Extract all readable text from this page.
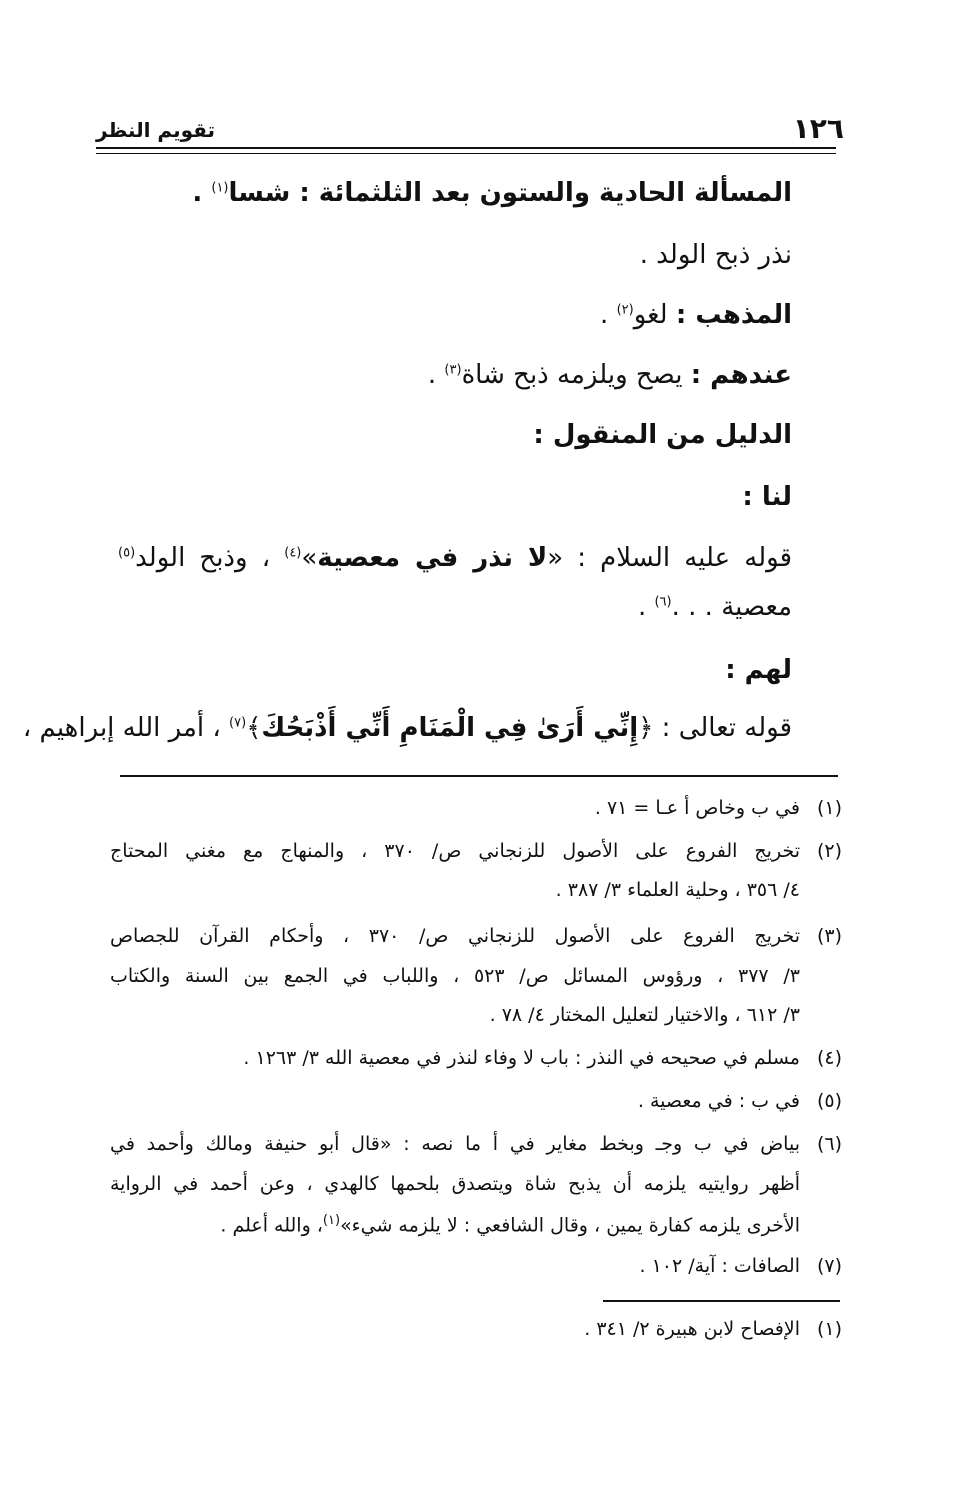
١٢٦
تقويم النظر
المسألة الحادية والستون بعد الثلثمائة : شسا$^{(١)}$ .
نذر ذبح الولد .
المذهب : لغو$^{(٢)}$ .
عندهم : يصح ويلزمه ذبح شاة$^{(٣)}$ .
الدليل من المنقول :
لنا :
قوله عليه السلام : «لا نذر في معصية»$^{(٤)}$ ، وذبح الولد$^{(٥)}$
معصية . . .$^{(٦)}$ .
لهم :
قوله تعالى : ﴿إِنِّي أَرَىٰ فِي الْمَنَامِ أَنِّي أَذْبَحُكَ﴾$^{(٧)}$ ، أمر الله إبراهيم ،
(١)
في ب وخاص أ عـا = ٧١ .
(٢)
تخريج الفروع على الأصول للزنجاني ص/ ٣٧٠ ، والمنهاج مع مغني المحتاج
٤/ ٣٥٦ ، وحلية العلماء ٣/ ٣٨٧ .
(٣)
تخريج الفروع على الأصول للزنجاني ص/ ٣٧٠ ، وأحكام القرآن للجصاص
٣/ ٣٧٧ ، ورؤوس المسائل ص/ ٥٢٣ ، واللباب في الجمع بين السنة والكتاب
٣/ ٦١٢ ، والاختيار لتعليل المختار ٤/ ٧٨ .
(٤)
مسلم في صحيحه في النذر : باب لا وفاء لنذر في معصية الله ٣/ ١٢٦٣ .
(٥)
في ب : في معصية .
(٦)
بياض في ب وجـ وبخط مغاير في أ ما نصه : «قال أبو حنيفة ومالك وأحمد في
أظهر روايتيه يلزمه أن يذبح شاة ويتصدق بلحمها كالهدي ، وعن أحمد في الرواية
الأخرى يلزمه كفارة يمين ، وقال الشافعي : لا يلزمه شيء»$^{(١)}$، والله أعلم .
(٧)
الصافات : آية/ ١٠٢ .
(١)
الإفصاح لابن هبيرة ٢/ ٣٤١ .
